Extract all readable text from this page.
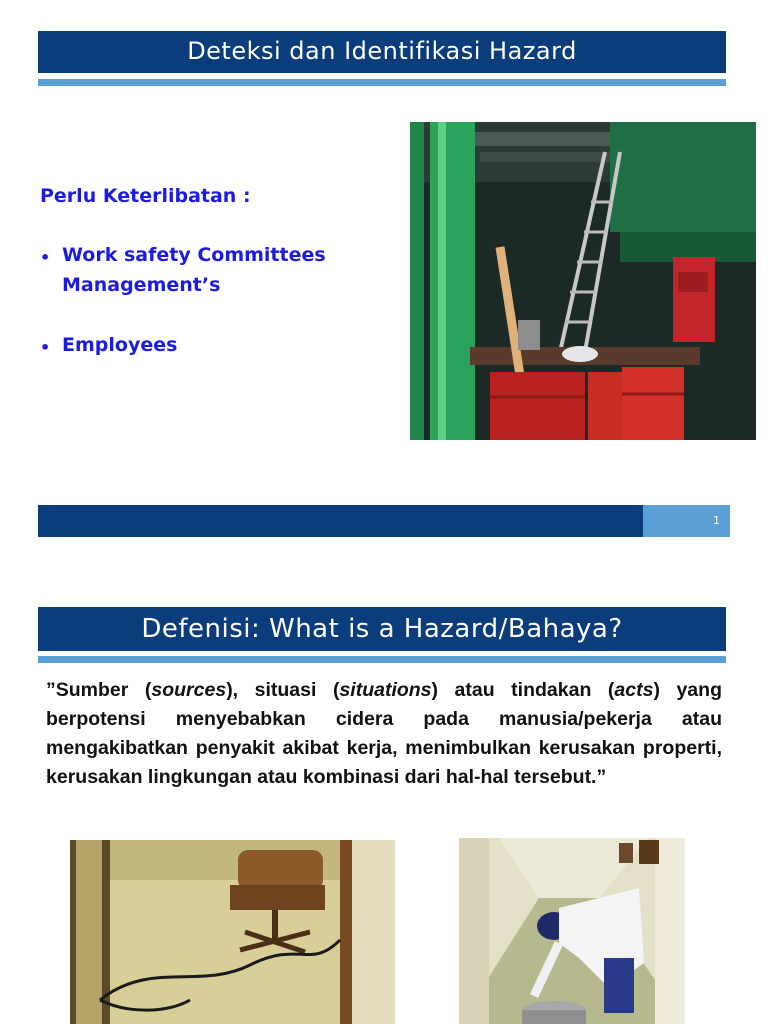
Deteksi dan Identifikasi Hazard
Perlu Keterlibatan :
• Work safety Committees
Management’s
• Employees
1
Defenisi: What is a Hazard/Bahaya?
”Sumber (sources), situasi (situations) atau tindakan (acts) yang berpotensi menyebabkan cidera pada manusia/pekerja atau mengakibatkan penyakit akibat kerja, menimbulkan kerusakan properti, kerusakan lingkungan atau kombinasi dari hal-hal tersebut.”
